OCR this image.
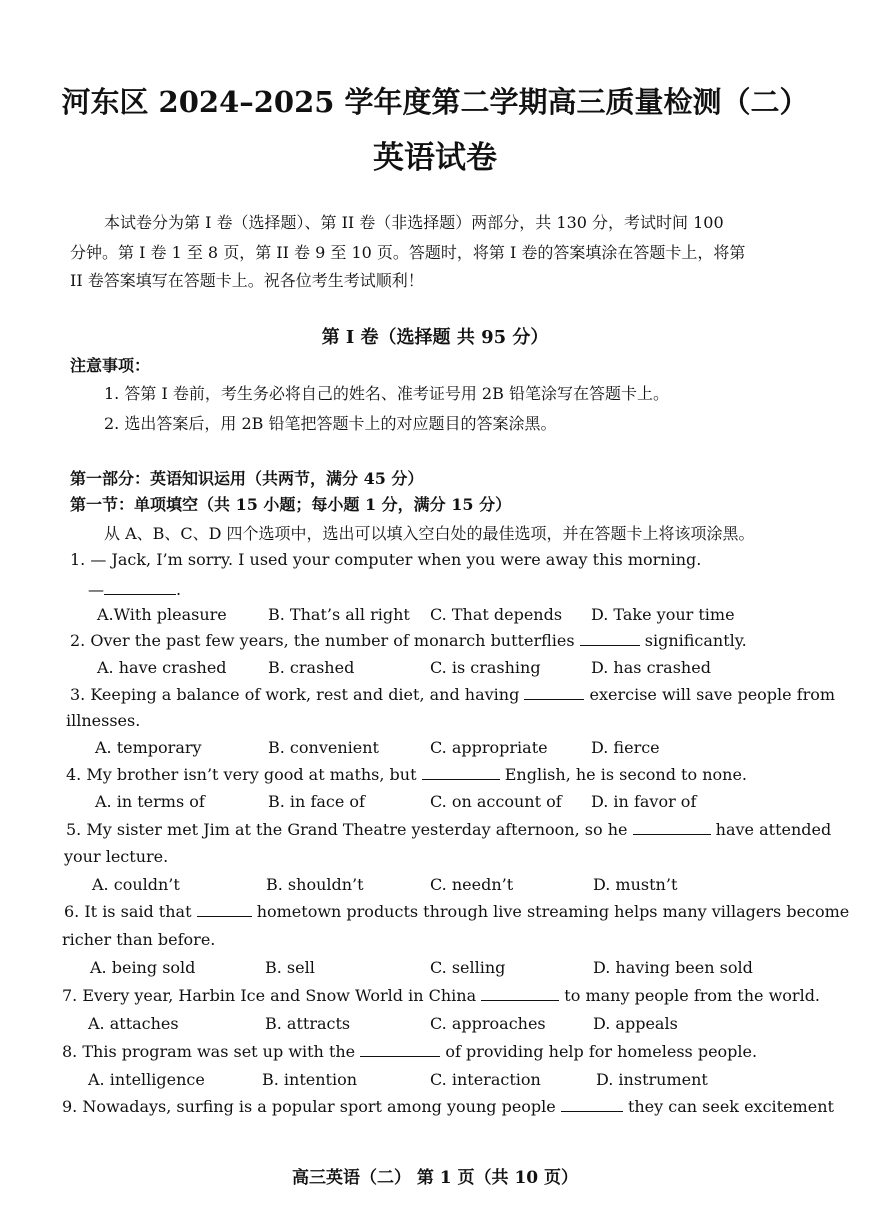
河东区 2024–2025 学年度第二学期高三质量检测（二）
英语试卷
本试卷分为第 I 卷（选择题）、第 II 卷（非选择题）两部分，共 130 分，考试时间 100
分钟。第 I 卷 1 至 8 页，第 II 卷 9 至 10 页。答题时，将第 I 卷的答案填涂在答题卡上，将第
II 卷答案填写在答题卡上。祝各位考生考试顺利！
第 I 卷（选择题 共 95 分）
注意事项：
1. 答第 I 卷前，考生务必将自己的姓名、准考证号用 2B 铅笔涂写在答题卡上。
2. 选出答案后，用 2B 铅笔把答题卡上的对应题目的答案涂黑。
第一部分：英语知识运用（共两节，满分 45 分）
第一节：单项填空（共 15 小题；每小题 1 分，满分 15 分）
从 A、B、C、D 四个选项中，选出可以填入空白处的最佳选项，并在答题卡上将该项涂黑。
1. — Jack, I’m sorry. I used your computer when you were away this morning.
—	.
A.With pleasure	B. That’s all right C. That depends D. Take your time
2. Over the past few years, the number of monarch butterflies	significantly.
A. have crashed	B. crashed	C. is crashing	D. has crashed
3. Keeping a balance of work, rest and diet, and having	exercise will save people from
illnesses.
A. temporary	B. convenient	C. appropriate	D. fierce
4. My brother isn’t very good at maths, but	English, he is second to none.
A. in terms of	B. in face of	C. on account of D. in favor of
5. My sister met Jim at the Grand Theatre yesterday afternoon, so he	have attended
your lecture.
A. couldn’t	B. shouldn’t	C. needn’t	D. mustn’t
6. It is said that	hometown products through live streaming helps many villagers become
richer than before.
A. being sold	B. sell	C. selling	D. having been sold
7. Every year, Harbin Ice and Snow World in China	to many people from the world.
A. attaches	B. attracts	C. approaches	D. appeals
8. This program was set up with the	of providing help for homeless people.
A. intelligence	B. intention	C. interaction	D. instrument
9. Nowadays, surfing is a popular sport among young people	they can seek excitement
高三英语（二） 第 1 页（共 10 页）
